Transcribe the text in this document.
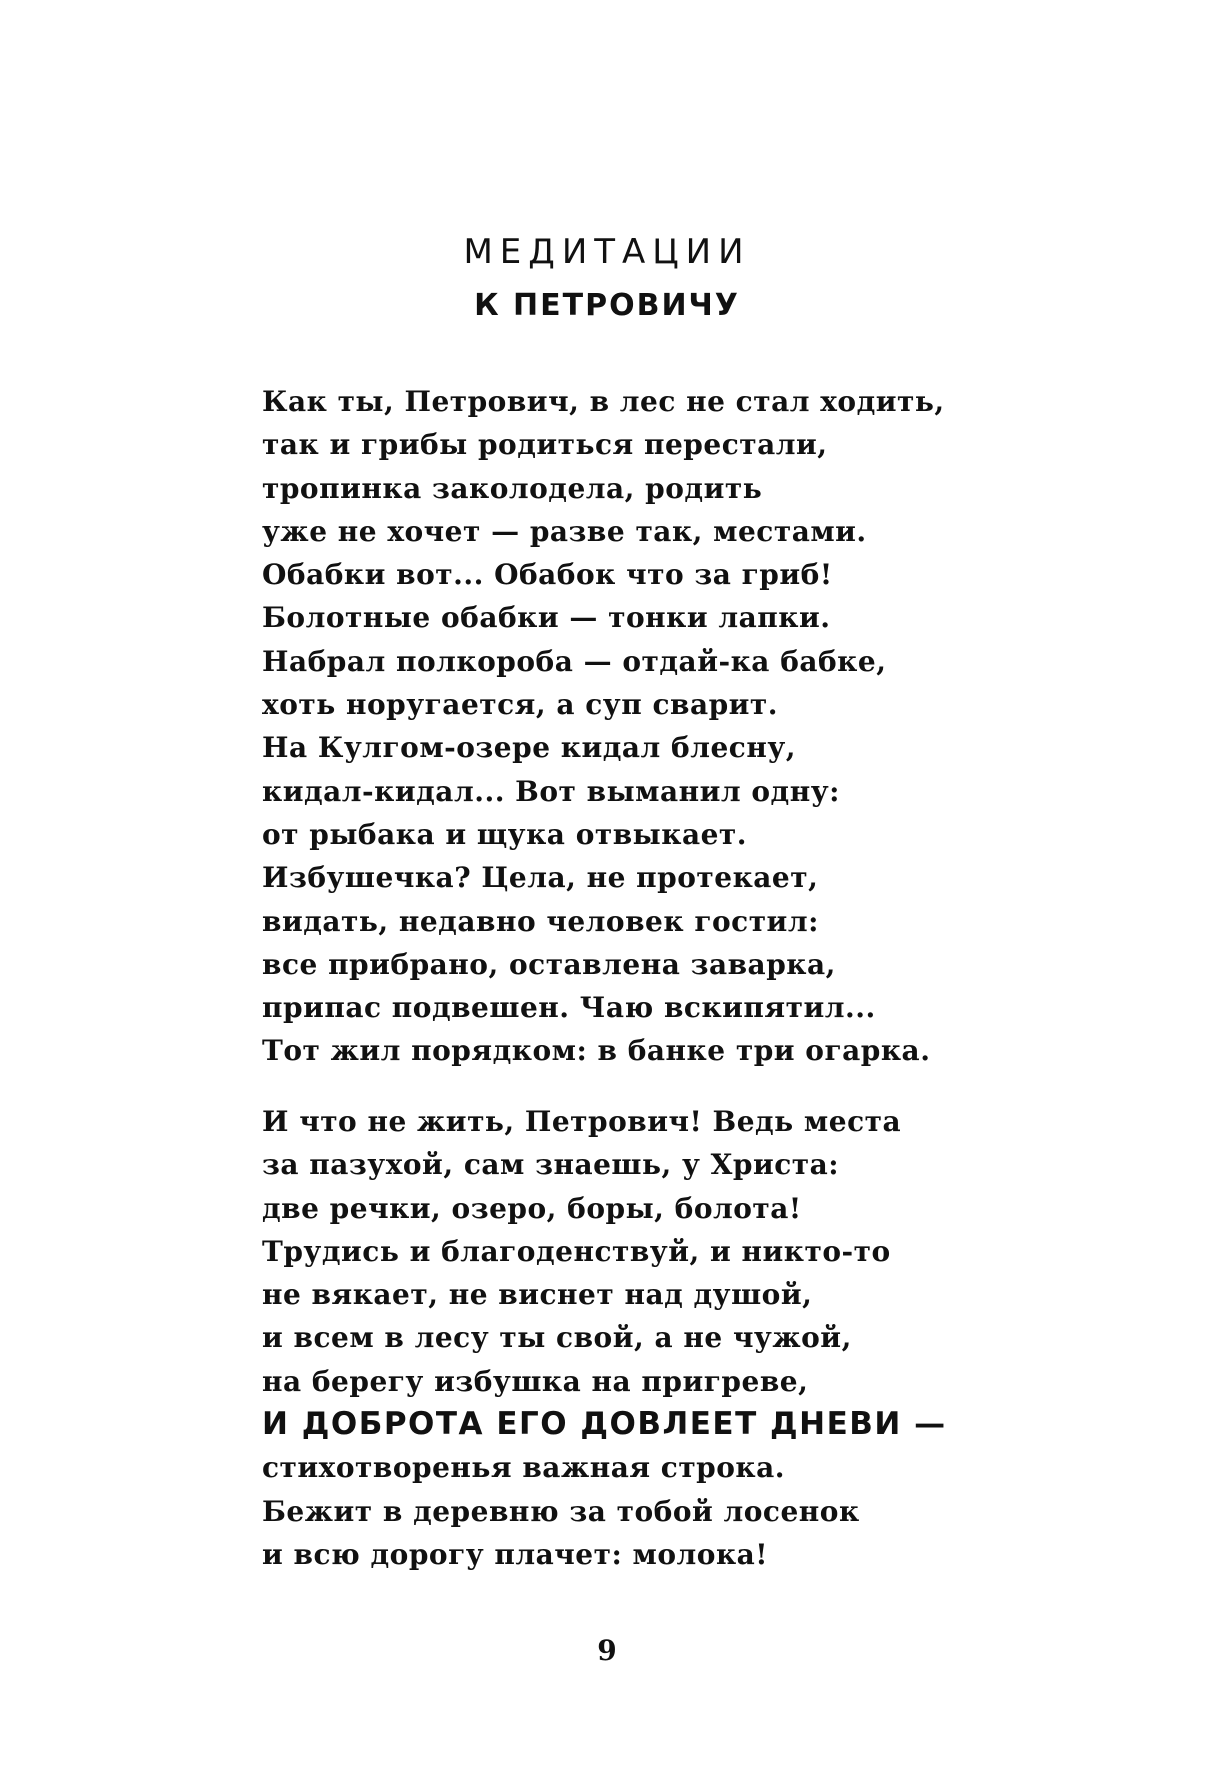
МЕДИТАЦИИ
К ПЕТРОВИЧУ
Как ты, Петрович, в лес не стал ходить,
так и грибы родиться перестали,
тропинка заколодела, родить
уже не хочет — разве так, местами.
Обабки вот... Обабок что за гриб!
Болотные обабки — тонки лапки.
Набрал полкороба — отдай-ка бабке,
хоть норугается, а суп сварит.
На Кулгом-озере кидал блесну,
кидал-кидал... Вот выманил одну:
от рыбака и щука отвыкает.
Избушечка? Цела, не протекает,
видать, недавно человек гостил:
все прибрано, оставлена заварка,
припас подвешен. Чаю вскипятил...
Тот жил порядком: в банке три огарка.
И что не жить, Петрович! Ведь места
за пазухой, сам знаешь, у Христа:
две речки, озеро, боры, болота!
Трудись и благоденствуй, и никто-то
не вякает, не виснет над душой,
и всем в лесу ты свой, а не чужой,
на берегу избушка на пригреве,
И ДОБРОТА ЕГО ДОВЛЕЕТ ДНЕВИ —
стихотворенья важная строка.
Бежит в деревню за тобой лосенок
и всю дорогу плачет: молока!
9
